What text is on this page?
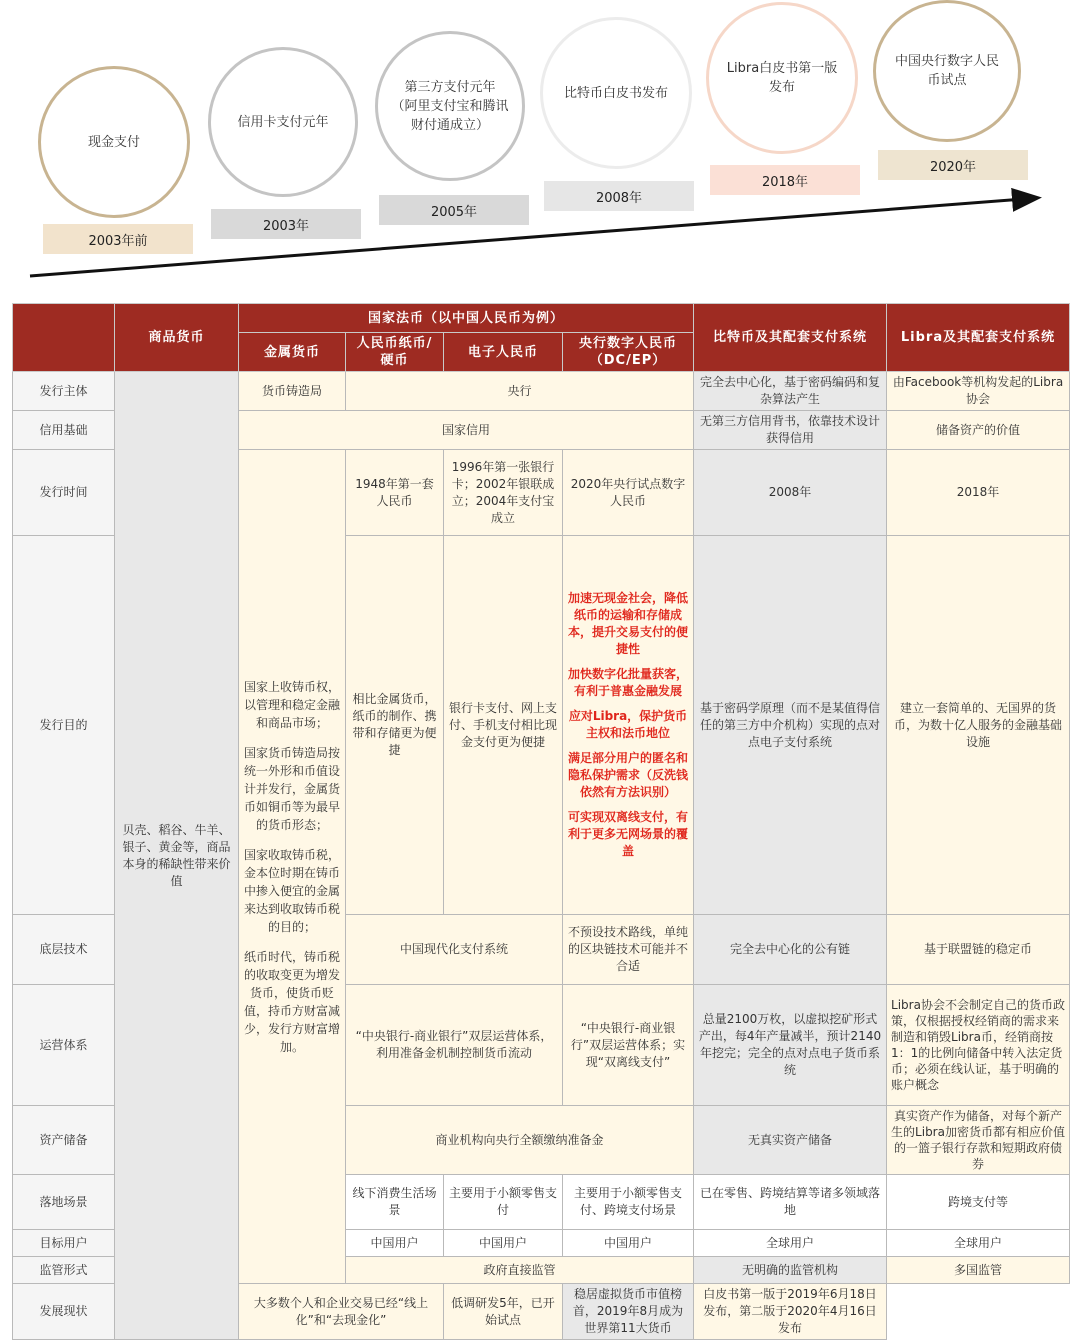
现金支付
2003年前
信用卡支付元年
2003年
第三方支付元年
（阿里支付宝和腾讯
财付通成立）
2005年
比特币白皮书发布
2008年
Libra白皮书第一版
发布
2018年
中国央行数字人民
币试点
2020年
	商品货币	国家法币（以中国人民币为例）				比特币及其配套支付系统	Libra及其配套支付系统
		金属货币	人民币纸币/
硬币	电子人民币	央行数字人民币
（DC/EP）		
发行主体	贝壳、稻谷、牛羊、银子、黄金等，商品本身的稀缺性带来价值	货币铸造局	央行			完全去中心化，基于密码编码和复杂算法产生	由Facebook等机构发起的Libra协会
信用基础		国家信用				无第三方信用背书，依靠技术设计获得信用	储备资产的价值
发行时间		国家上收铸币权，以管理和稳定金融和商品市场；
国家货币铸造局按统一外形和币值设计并发行，金属货币如铜币等为最早的货币形态；
国家收取铸币税，金本位时期在铸币中掺入便宜的金属来达到收取铸币税的目的；
纸币时代，铸币税的收取变更为增发货币，使货币贬值，持币方财富减少，发行方财富增加。	1948年第一套人民币	1996年第一张银行卡；2002年银联成立；2004年支付宝成立	2020年央行试点数字人民币	2008年	2018年
发行目的			相比金属货币，纸币的制作、携带和存储更为便捷	银行卡支付、网上支付、手机支付相比现金支付更为便捷	加速无现金社会，降低纸币的运输和存储成本，提升交易支付的便捷性
加快数字化批量获客，有利于普惠金融发展
应对Libra，保护货币主权和法币地位
满足部分用户的匿名和隐私保护需求（反洗钱依然有方法识别）
可实现双离线支付，有利于更多无网场景的覆盖	基于密码学原理（而不是某值得信任的第三方中介机构）实现的点对点电子支付系统	建立一套简单的、无国界的货币，为数十亿人服务的金融基础设施
底层技术			中国现代化支付系统		不预设技术路线，单纯的区块链技术可能并不合适	完全去中心化的公有链	基于联盟链的稳定币
运营体系			“中央银行-商业银行”双层运营体系，利用准备金机制控制货币流动		“中央银行-商业银行”双层运营体系；实现“双离线支付”	总量2100万枚，以虚拟挖矿形式产出，每4年产量减半，预计2140年挖完；完全的点对点电子货币系统	Libra协会不会制定自己的货币政策，仅根据授权经销商的需求来制造和销毁Libra币，经销商按1：1的比例向储备中转入法定货币；必须在线认证，基于明确的账户概念
资产储备			商业机构向央行全额缴纳准备金			无真实资产储备	真实资产作为储备，对每个新产生的Libra加密货币都有相应价值的一篮子银行存款和短期政府债券
落地场景			线下消费生活场景	主要用于小额零售支付	主要用于小额零售支付、跨境支付场景	已在零售、跨境结算等诸多领域落地	跨境支付等
目标用户			中国用户	中国用户	中国用户	全球用户	全球用户
监管形式			政府直接监管			无明确的监管机构	多国监管
发展现状		大多数个人和企业交易已经“线上化”和“去现金化”		低调研发5年，已开始试点	稳居虚拟货币市值榜首，2019年8月成为世界第11大货币	白皮书第一版于2019年6月18日发布，第二版于2020年4月16日发布	
